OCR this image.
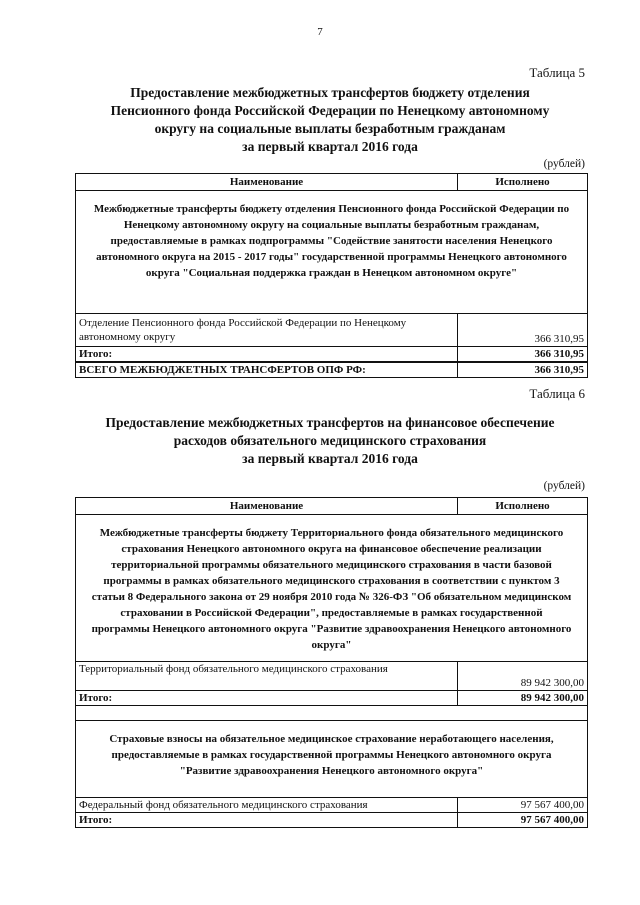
7
Таблица 5
Предоставление межбюджетных трансфертов бюджету отделения
Пенсионного фонда Российской Федерации по Ненецкому автономному
округу на социальные выплаты безработным гражданам
за первый квартал 2016 года
(рублей)
Наименование	Исполнено
Межбюджетные трансферты бюджету отделения Пенсионного фонда Российской Федерации по Ненецкому автономному округу на социальные выплаты безработным гражданам, предоставляемые в рамках подпрограммы "Содействие занятости населения Ненецкого автономного округа на 2015 - 2017 годы" государственной программы Ненецкого автономного округа "Социальная поддержка граждан в Ненецком автономном округе"	
Отделение Пенсионного фонда Российской Федерации по Ненецкому автономному округу	366 310,95
Итого:	366 310,95
ВСЕГО МЕЖБЮДЖЕТНЫХ ТРАНСФЕРТОВ ОПФ РФ:	366 310,95
Таблица 6
Предоставление межбюджетных трансфертов на финансовое обеспечение
расходов обязательного медицинского страхования
за первый квартал 2016 года
(рублей)
Наименование	Исполнено
Межбюджетные трансферты бюджету Территориального фонда обязательного медицинского страхования Ненецкого автономного округа на финансовое обеспечение реализации территориальной программы обязательного медицинского страхования в части базовой программы в рамках обязательного медицинского страхования в соответствии с пунктом 3 статьи 8 Федерального закона от 29 ноября 2010 года № 326-ФЗ "Об обязательном медицинском страховании в Российской Федерации", предоставляемые в рамках государственной программы Ненецкого автономного округа "Развитие здравоохранения Ненецкого автономного округа"	
Территориальный фонд обязательного медицинского страхования	89 942 300,00
Итого:	89 942 300,00

Страховые взносы на обязательное медицинское страхование неработающего населения, предоставляемые в рамках государственной программы Ненецкого автономного округа "Развитие здравоохранения Ненецкого автономного округа"	
Федеральный фонд обязательного медицинского страхования	97 567 400,00
Итого:	97 567 400,00
